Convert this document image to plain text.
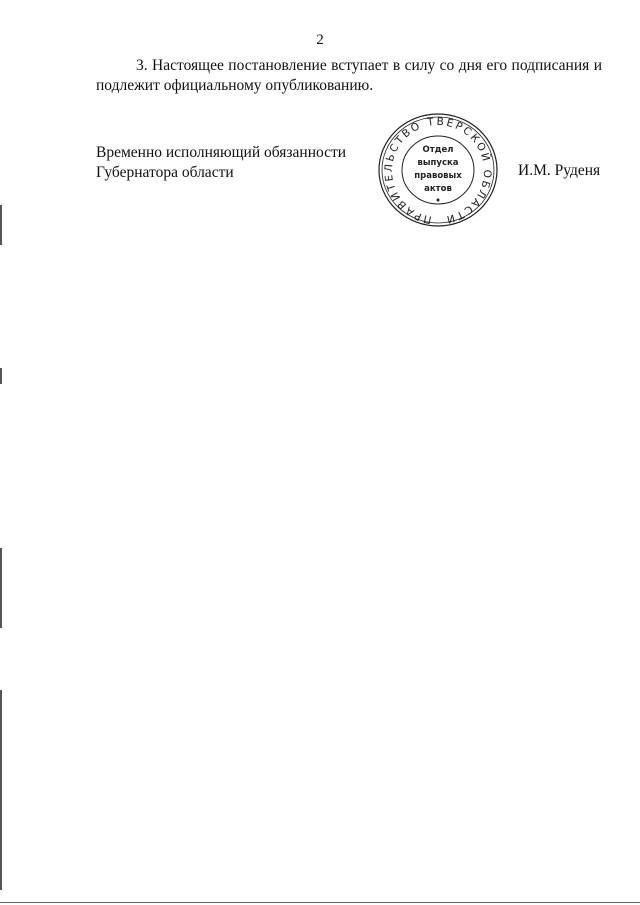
2

3. Настоящее постановление вступает в силу со дня его подписания и подлежит официальному опубликованию.

Временно исполняющий обязанности
Губернатора области
ПРАВИТЕЛЬСТВО ТВЕРСКОЙ ОБЛАСТИ
Отдел
выпуска
правовых
актов
И.М. Руденя
